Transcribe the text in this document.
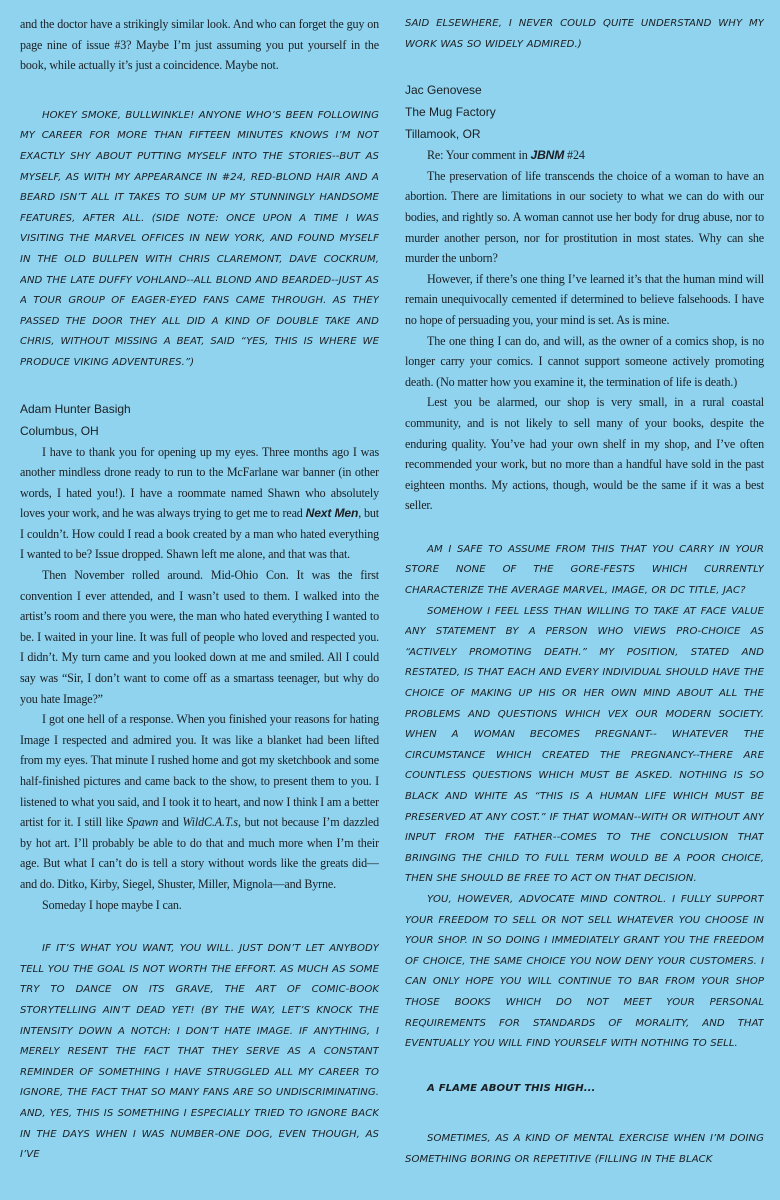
and the doctor have a strikingly similar look. And who can forget the guy on page nine of issue #3? Maybe I’m just assuming you put yourself in the book, while actually it’s just a coincidence. Maybe not.

HOKEY SMOKE, BULLWINKLE! ANYONE WHO’S BEEN FOLLOWING MY CAREER FOR MORE THAN FIFTEEN MINUTES KNOWS I’M NOT EXACTLY SHY ABOUT PUTTING MYSELF INTO THE STORIES--BUT AS MYSELF, AS WITH MY APPEARANCE IN #24, RED-BLOND HAIR AND A BEARD ISN’T ALL IT TAKES TO SUM UP MY STUNNINGLY HANDSOME FEATURES, AFTER ALL. (SIDE NOTE: ONCE UPON A TIME I WAS VISITING THE MARVEL OFFICES IN NEW YORK, AND FOUND MYSELF IN THE OLD BULLPEN WITH CHRIS CLAREMONT, DAVE COCKRUM, AND THE LATE DUFFY VOHLAND--ALL BLOND AND BEARDED--JUST AS A TOUR GROUP OF EAGER-EYED FANS CAME THROUGH. AS THEY PASSED THE DOOR THEY ALL DID A KIND OF DOUBLE TAKE AND CHRIS, WITHOUT MISSING A BEAT, SAID “YES, THIS IS WHERE WE PRODUCE VIKING ADVENTURES.”)

Adam Hunter Basigh
Columbus, OH

I have to thank you for opening up my eyes. Three months ago I was another mindless drone ready to run to the McFarlane war banner (in other words, I hated you!). I have a roommate named Shawn who absolutely loves your work, and he was always trying to get me to read Next Men, but I couldn’t. How could I read a book created by a man who hated everything I wanted to be? Issue dropped. Shawn left me alone, and that was that.

Then November rolled around. Mid-Ohio Con. It was the first convention I ever attended, and I wasn’t used to them. I walked into the artist’s room and there you were, the man who hated everything I wanted to be. I waited in your line. It was full of people who loved and respected you. I didn’t. My turn came and you looked down at me and smiled. All I could say was “Sir, I don’t want to come off as a smartass teenager, but why do you hate Image?”

I got one hell of a response. When you finished your reasons for hating Image I respected and admired you. It was like a blanket had been lifted from my eyes. That minute I rushed home and got my sketchbook and some half-finished pictures and came back to the show, to present them to you. I listened to what you said, and I took it to heart, and now I think I am a better artist for it. I still like Spawn and WildC.A.T.s, but not because I’m dazzled by hot art. I’ll probably be able to do that and much more when I’m their age. But what I can’t do is tell a story without words like the greats did—and do. Ditko, Kirby, Siegel, Shuster, Miller, Mignola—and Byrne.

Someday I hope maybe I can.

IF IT’S WHAT YOU WANT, YOU WILL. JUST DON’T LET ANYBODY TELL YOU THE GOAL IS NOT WORTH THE EFFORT. AS MUCH AS SOME TRY TO DANCE ON ITS GRAVE, THE ART OF COMIC-BOOK STORYTELLING AIN’T DEAD YET! (BY THE WAY, LET’S KNOCK THE INTENSITY DOWN A NOTCH: I DON’T HATE IMAGE. IF ANYTHING, I MERELY RESENT THE FACT THAT THEY SERVE AS A CONSTANT REMINDER OF SOMETHING I HAVE STRUGGLED ALL MY CAREER TO IGNORE, THE FACT THAT SO MANY FANS ARE SO UNDISCRIMINATING. AND, YES, THIS IS SOMETHING I ESPECIALLY TRIED TO IGNORE BACK IN THE DAYS WHEN I WAS NUMBER-ONE DOG, EVEN THOUGH, AS I’VE

SAID ELSEWHERE, I NEVER COULD QUITE UNDERSTAND WHY MY WORK WAS SO WIDELY ADMIRED.)

Jac Genovese
The Mug Factory
Tillamook, OR

Re: Your comment in JBNM #24

The preservation of life transcends the choice of a woman to have an abortion. There are limitations in our society to what we can do with our bodies, and rightly so. A woman cannot use her body for drug abuse, nor to murder another person, nor for prostitution in most states. Why can she murder the unborn?

However, if there’s one thing I’ve learned it’s that the human mind will remain unequivocally cemented if determined to believe falsehoods. I have no hope of persuading you, your mind is set. As is mine.

The one thing I can do, and will, as the owner of a comics shop, is no longer carry your comics. I cannot support someone actively promoting death. (No matter how you examine it, the termination of life is death.)

Lest you be alarmed, our shop is very small, in a rural coastal community, and is not likely to sell many of your books, despite the enduring quality. You’ve had your own shelf in my shop, and I’ve often recommended your work, but no more than a handful have sold in the past eighteen months. My actions, though, would be the same if it was a best seller.

AM I SAFE TO ASSUME FROM THIS THAT YOU CARRY IN YOUR STORE NONE OF THE GORE-FESTS WHICH CURRENTLY CHARACTERIZE THE AVERAGE MARVEL, IMAGE, OR DC TITLE, JAC?

SOMEHOW I FEEL LESS THAN WILLING TO TAKE AT FACE VALUE ANY STATEMENT BY A PERSON WHO VIEWS PRO-CHOICE AS “ACTIVELY PROMOTING DEATH.” MY POSITION, STATED AND RESTATED, IS THAT EACH AND EVERY INDIVIDUAL SHOULD HAVE THE CHOICE OF MAKING UP HIS OR HER OWN MIND ABOUT ALL THE PROBLEMS AND QUESTIONS WHICH VEX OUR MODERN SOCIETY. WHEN A WOMAN BECOMES PREGNANT-- WHATEVER THE CIRCUMSTANCE WHICH CREATED THE PREGNANCY--THERE ARE COUNTLESS QUESTIONS WHICH MUST BE ASKED. NOTHING IS SO BLACK AND WHITE AS “THIS IS A HUMAN LIFE WHICH MUST BE PRESERVED AT ANY COST.” IF THAT WOMAN--WITH OR WITHOUT ANY INPUT FROM THE FATHER--COMES TO THE CONCLUSION THAT BRINGING THE CHILD TO FULL TERM WOULD BE A POOR CHOICE, THEN SHE SHOULD BE FREE TO ACT ON THAT DECISION.

YOU, HOWEVER, ADVOCATE MIND CONTROL. I FULLY SUPPORT YOUR FREEDOM TO SELL OR NOT SELL WHATEVER YOU CHOOSE IN YOUR SHOP. IN SO DOING I IMMEDIATELY GRANT YOU THE FREEDOM OF CHOICE, THE SAME CHOICE YOU NOW DENY YOUR CUSTOMERS. I CAN ONLY HOPE YOU WILL CONTINUE TO BAR FROM YOUR SHOP THOSE BOOKS WHICH DO NOT MEET YOUR PERSONAL REQUIREMENTS FOR STANDARDS OF MORALITY, AND THAT EVENTUALLY YOU WILL FIND YOURSELF WITH NOTHING TO SELL.

A FLAME ABOUT THIS HIGH...

SOMETIMES, AS A KIND OF MENTAL EXERCISE WHEN I’M DOING SOMETHING BORING OR REPETITIVE (FILLING IN THE BLACK
